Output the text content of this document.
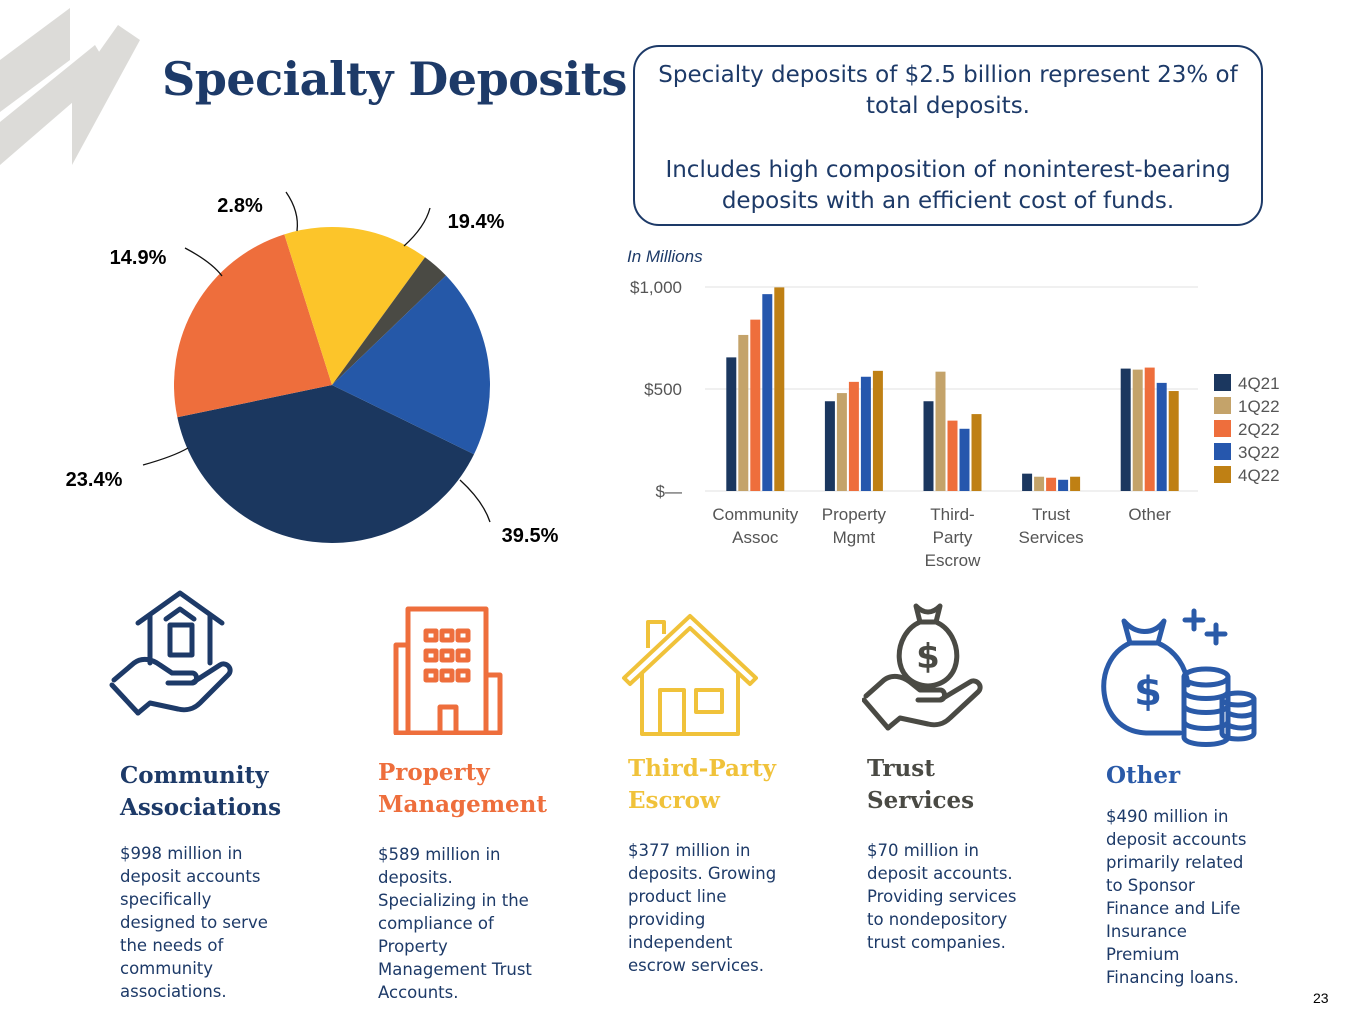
Specialty Deposits	Specialty deposits of $2.5 billion represent 23% of total deposits.

Includes high composition of noninterest-bearing deposits with an efficient cost of funds.

39.5%
23.4%
14.9%
2.8%
19.4%
In Millions
$—
$500
$1,000
Community Assoc
Property Mgmt
Third-Party Escrow
Trust Services
Other
4Q21
1Q22
2Q22
3Q22
4Q22
Community
Associations
$998 million in
deposit accounts
specifically
designed to serve
the needs of
community
associations.
Property
Management
$589 million in
deposits.
Specializing in the
compliance of
Property
Management Trust
Accounts.
Third-Party
Escrow
$377 million in
deposits. Growing
product line
providing
independent
escrow services.
$
Trust
Services
$70 million in
deposit accounts.
Providing services
to nondepository
trust companies.
$
Other
$490 million in
deposit accounts
primarily related
to Sponsor
Finance and Life
Insurance
Premium
Financing loans.
23
